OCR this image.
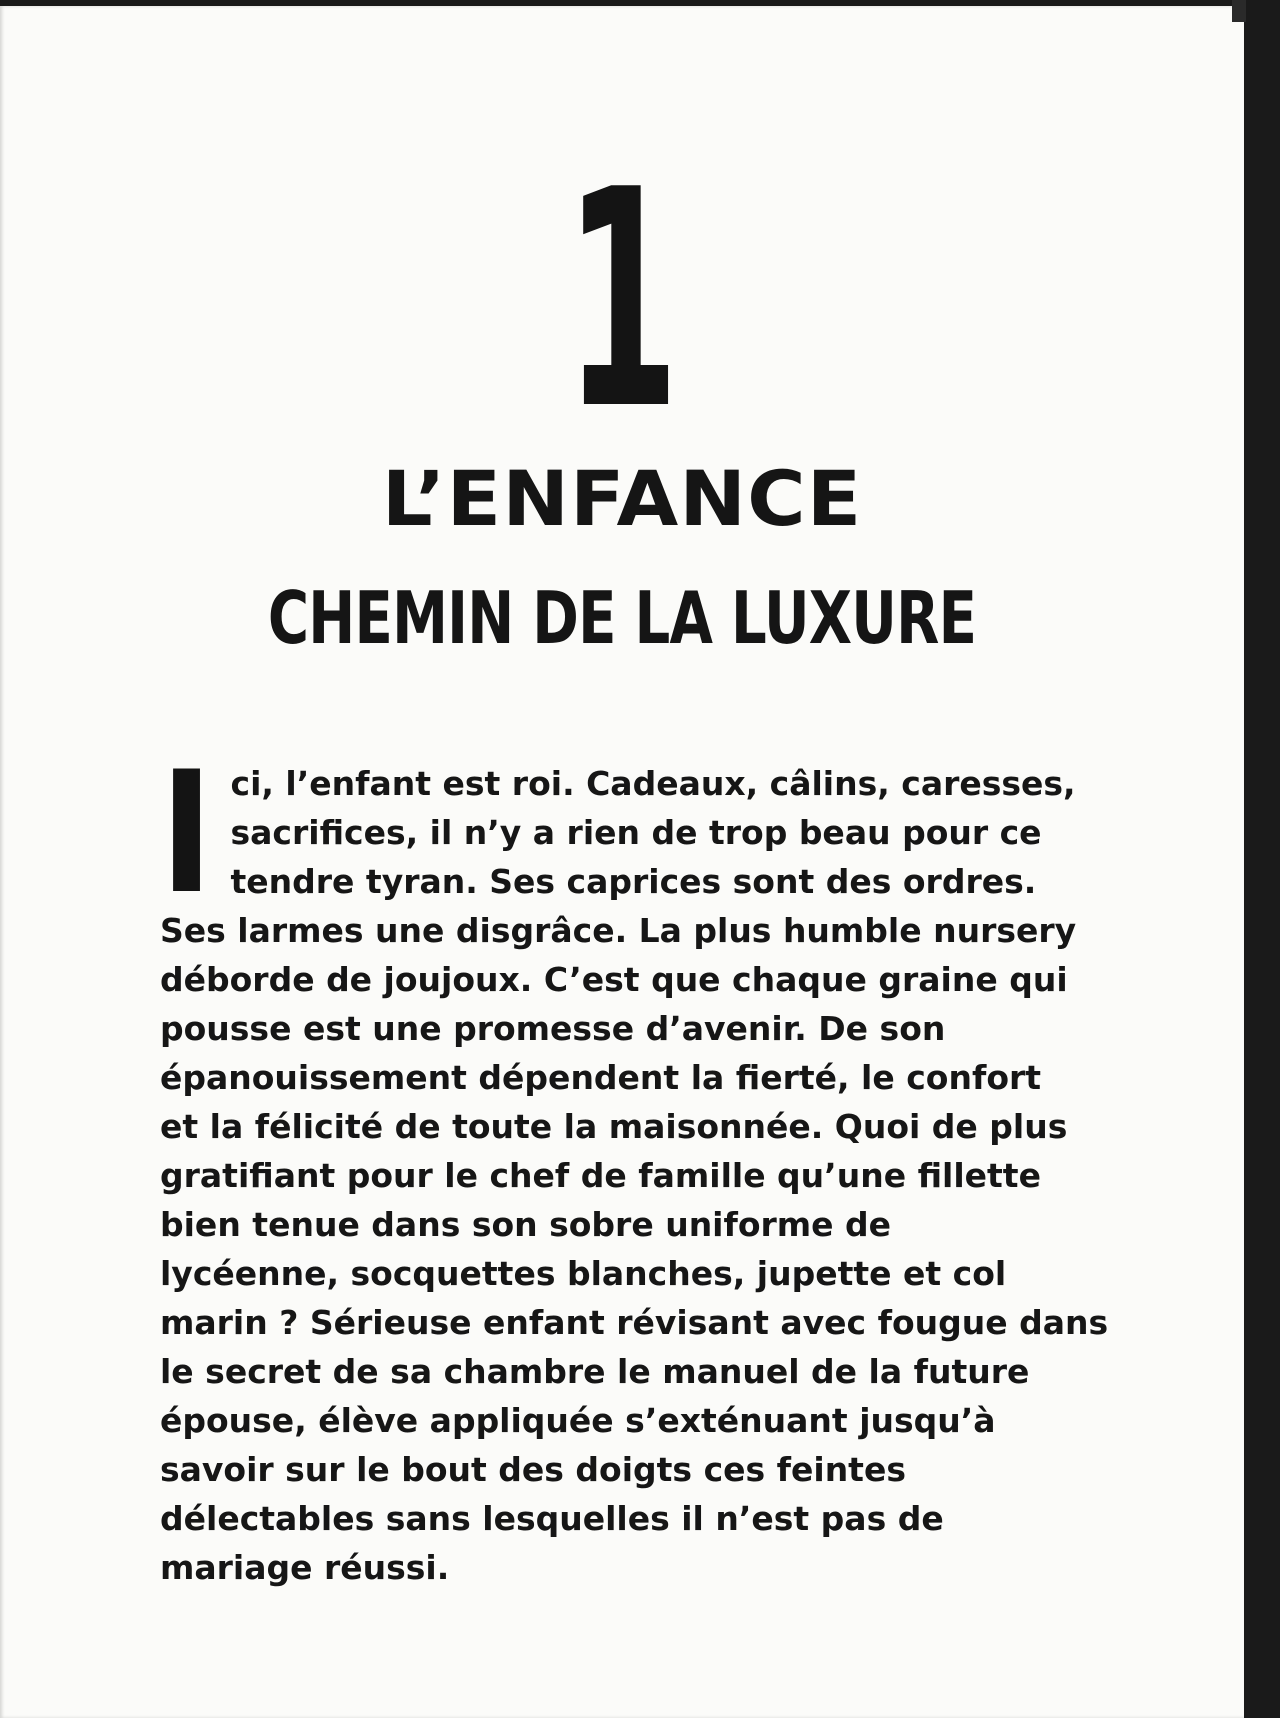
1
L’ENFANCE
CHEMIN DE LA LUXURE
I ci, l’enfant est roi. Cadeaux, câlins, caresses,
sacrifices, il n’y a rien de trop beau pour ce
tendre tyran. Ses caprices sont des ordres.
Ses larmes une disgrâce. La plus humble nursery
déborde de joujoux. C’est que chaque graine qui
pousse est une promesse d’avenir. De son
épanouissement dépendent la fierté, le confort
et la félicité de toute la maisonnée. Quoi de plus
gratifiant pour le chef de famille qu’une fillette
bien tenue dans son sobre uniforme de
lycéenne, socquettes blanches, jupette et col
marin ? Sérieuse enfant révisant avec fougue dans
le secret de sa chambre le manuel de la future
épouse, élève appliquée s’exténuant jusqu’à
savoir sur le bout des doigts ces feintes
délectables sans lesquelles il n’est pas de
mariage réussi.
